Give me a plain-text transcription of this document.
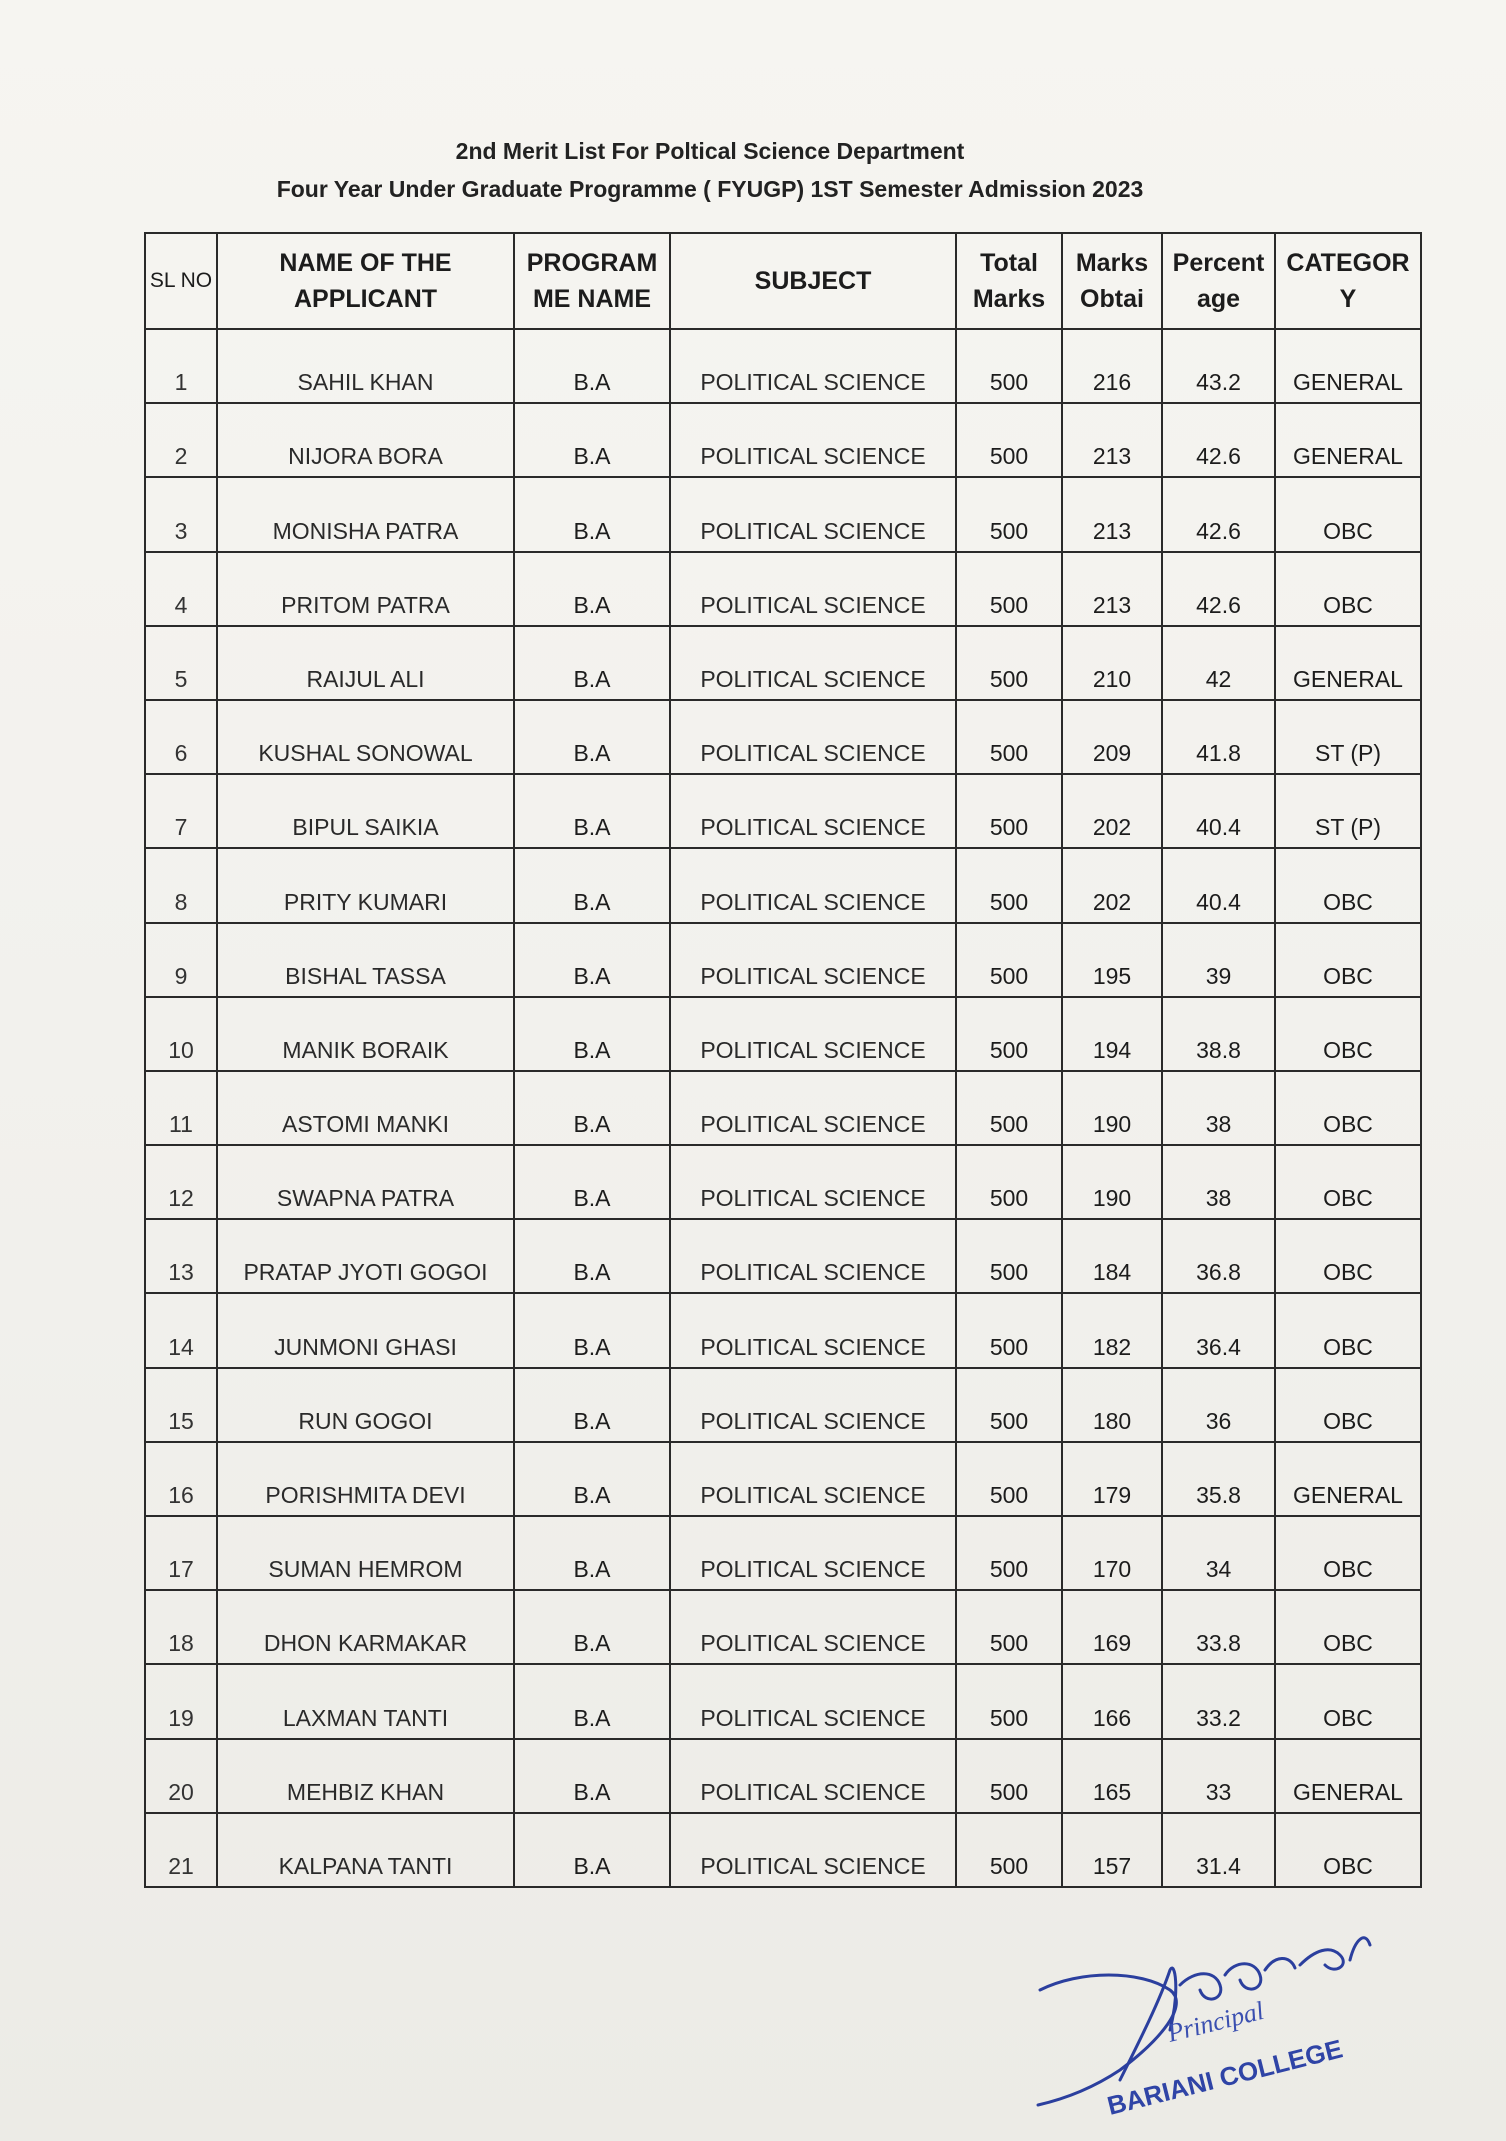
2nd Merit List For Poltical Science Department
Four Year Under Graduate Programme ( FYUGP) 1ST Semester Admission 2023
SL NO	NAME OF THE APPLICANT	PROGRAM ME NAME	SUBJECT	Total Marks	Marks Obtai	Percent age	CATEGOR Y
1	SAHIL KHAN	B.A	POLITICAL SCIENCE	500	216	43.2	GENERAL
2	NIJORA BORA	B.A	POLITICAL SCIENCE	500	213	42.6	GENERAL
3	MONISHA PATRA	B.A	POLITICAL SCIENCE	500	213	42.6	OBC
4	PRITOM PATRA	B.A	POLITICAL SCIENCE	500	213	42.6	OBC
5	RAIJUL ALI	B.A	POLITICAL SCIENCE	500	210	42	GENERAL
6	KUSHAL SONOWAL	B.A	POLITICAL SCIENCE	500	209	41.8	ST (P)
7	BIPUL SAIKIA	B.A	POLITICAL SCIENCE	500	202	40.4	ST (P)
8	PRITY KUMARI	B.A	POLITICAL SCIENCE	500	202	40.4	OBC
9	BISHAL TASSA	B.A	POLITICAL SCIENCE	500	195	39	OBC
10	MANIK BORAIK	B.A	POLITICAL SCIENCE	500	194	38.8	OBC
11	ASTOMI MANKI	B.A	POLITICAL SCIENCE	500	190	38	OBC
12	SWAPNA PATRA	B.A	POLITICAL SCIENCE	500	190	38	OBC
13	PRATAP JYOTI GOGOI	B.A	POLITICAL SCIENCE	500	184	36.8	OBC
14	JUNMONI GHASI	B.A	POLITICAL SCIENCE	500	182	36.4	OBC
15	RUN GOGOI	B.A	POLITICAL SCIENCE	500	180	36	OBC
16	PORISHMITA DEVI	B.A	POLITICAL SCIENCE	500	179	35.8	GENERAL
17	SUMAN HEMROM	B.A	POLITICAL SCIENCE	500	170	34	OBC
18	DHON KARMAKAR	B.A	POLITICAL SCIENCE	500	169	33.8	OBC
19	LAXMAN TANTI	B.A	POLITICAL SCIENCE	500	166	33.2	OBC
20	MEHBIZ KHAN	B.A	POLITICAL SCIENCE	500	165	33	GENERAL
21	KALPANA TANTI	B.A	POLITICAL SCIENCE	500	157	31.4	OBC
Principal
BARIANI COLLEGE
